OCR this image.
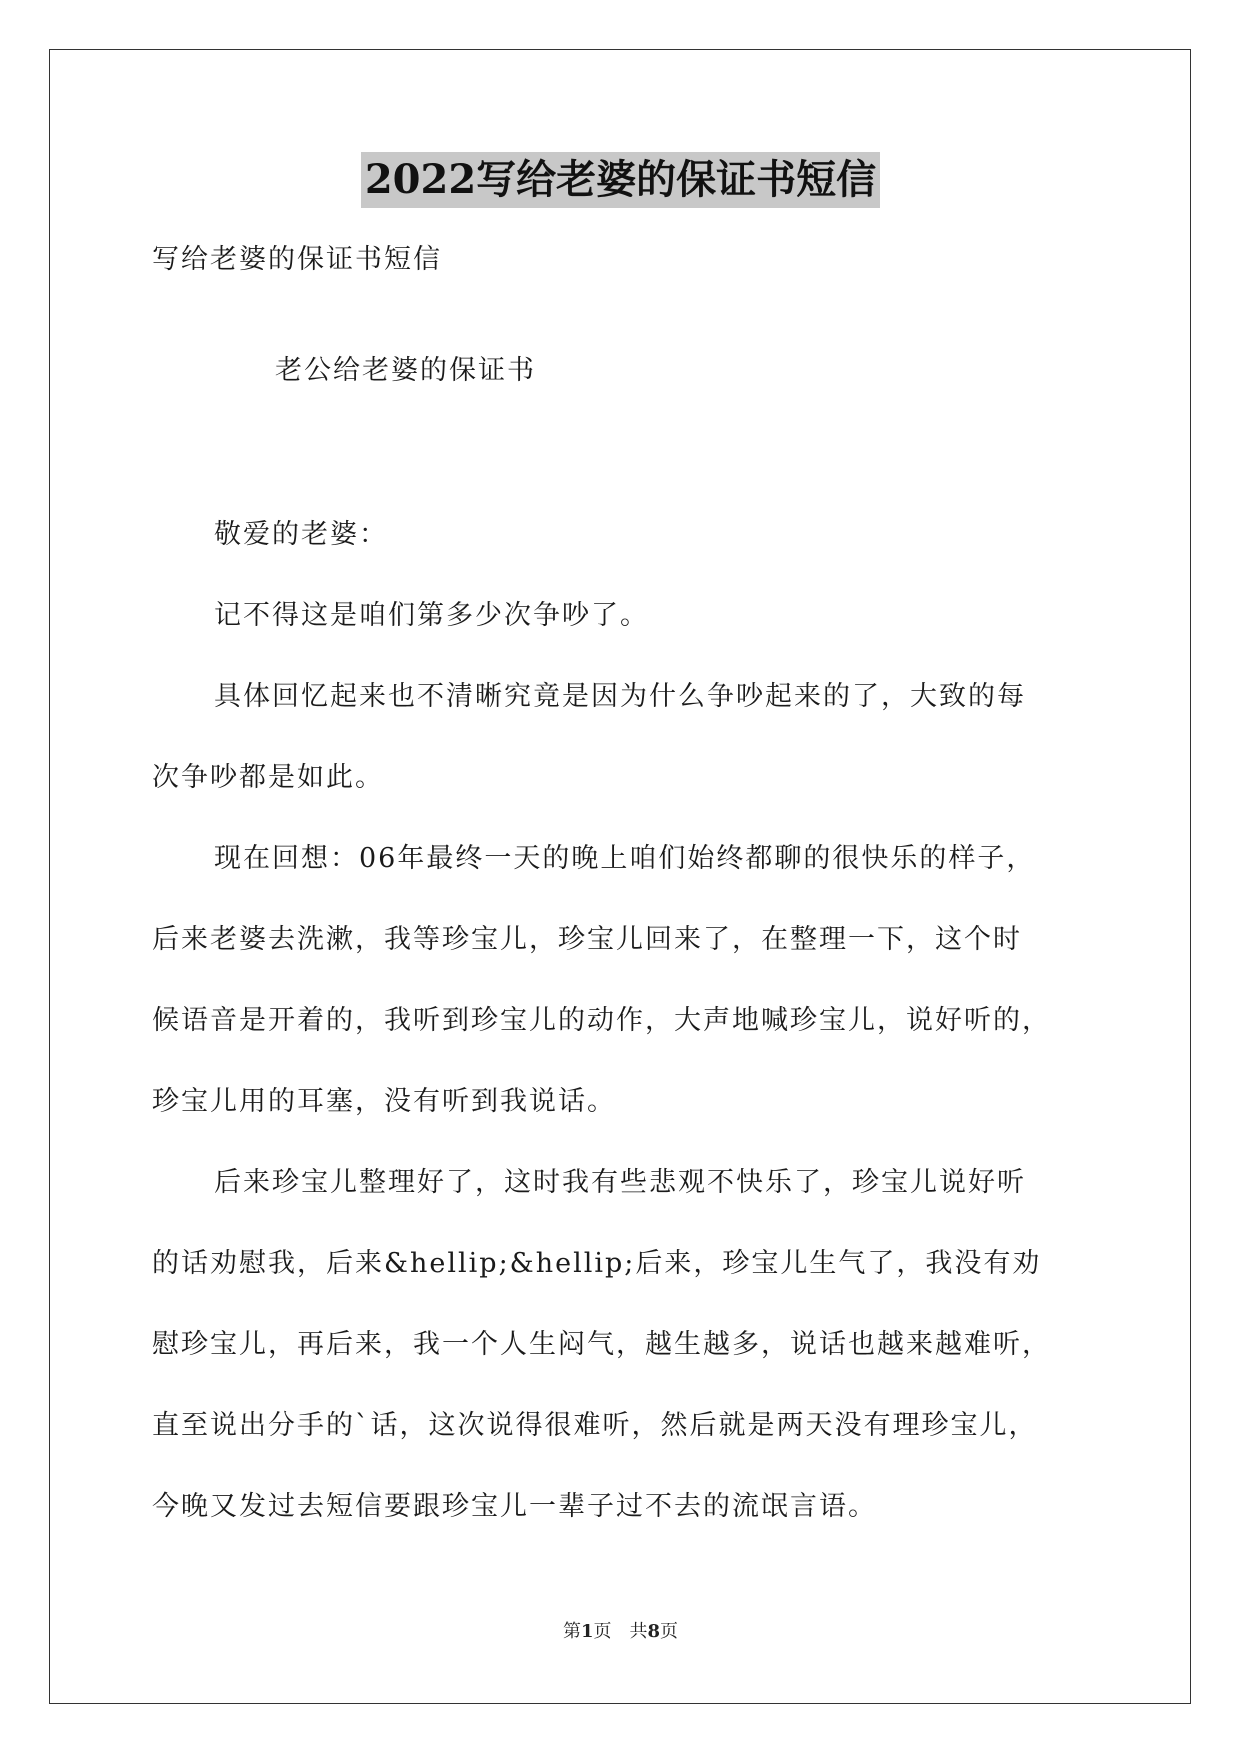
2022写给老婆的保证书短信
写给老婆的保证书短信
老公给老婆的保证书
敬爱的老婆：
记不得这是咱们第多少次争吵了。
具体回忆起来也不清晰究竟是因为什么争吵起来的了，大致的每
次争吵都是如此。
现在回想：06年最终一天的晚上咱们始终都聊的很快乐的样子，
后来老婆去洗漱，我等珍宝儿，珍宝儿回来了，在整理一下，这个时
候语音是开着的，我听到珍宝儿的动作，大声地喊珍宝儿，说好听的，
珍宝儿用的耳塞，没有听到我说话。
后来珍宝儿整理好了，这时我有些悲观不快乐了，珍宝儿说好听
的话劝慰我，后来&hellip;&hellip;后来，珍宝儿生气了，我没有劝
慰珍宝儿，再后来，我一个人生闷气，越生越多，说话也越来越难听，
直至说出分手的`话，这次说得很难听，然后就是两天没有理珍宝儿，
今晚又发过去短信要跟珍宝儿一辈子过不去的流氓言语。
第1页　共8页
